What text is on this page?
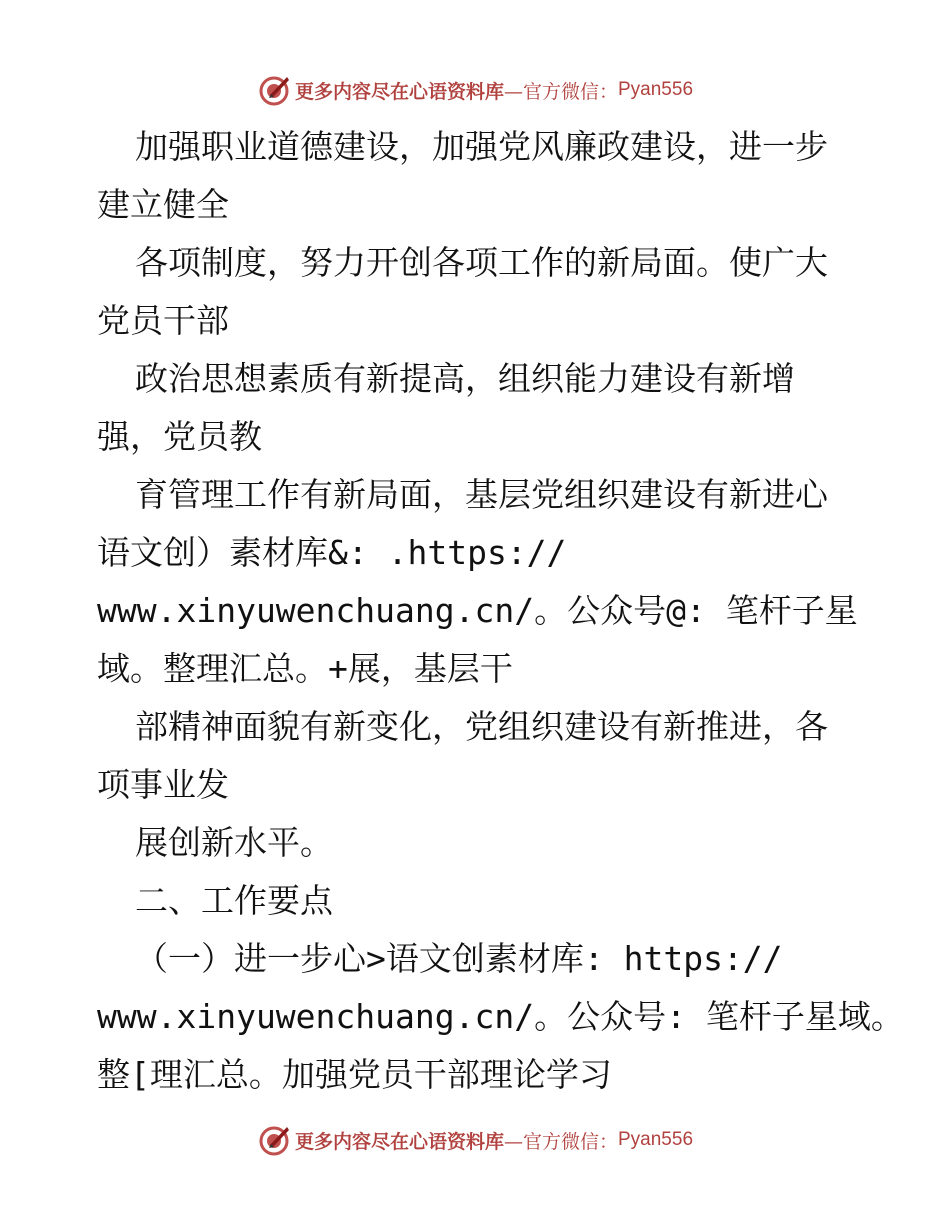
更多内容尽在心语资料库 —官方微信： Pyan556
加强职业道德建设，加强党风廉政建设，进一步
建立健全
各项制度，努力开创各项工作的新局面。使广大
党员干部
政治思想素质有新提高，组织能力建设有新增
强，党员教
育管理工作有新局面，基层党组织建设有新进心
语文创）素材库&: .https://
www.xinyuwenchuang.cn/。公众号@: 笔杆子星
域。整理汇总。+展，基层干
部精神面貌有新变化，党组织建设有新推进，各
项事业发
展创新水平。
二、工作要点
（一）进一步心>语文创素材库: https://
www.xinyuwenchuang.cn/。公众号: 笔杆子星域。
整[理汇总。加强党员干部理论学习
更多内容尽在心语资料库 —官方微信： Pyan556
